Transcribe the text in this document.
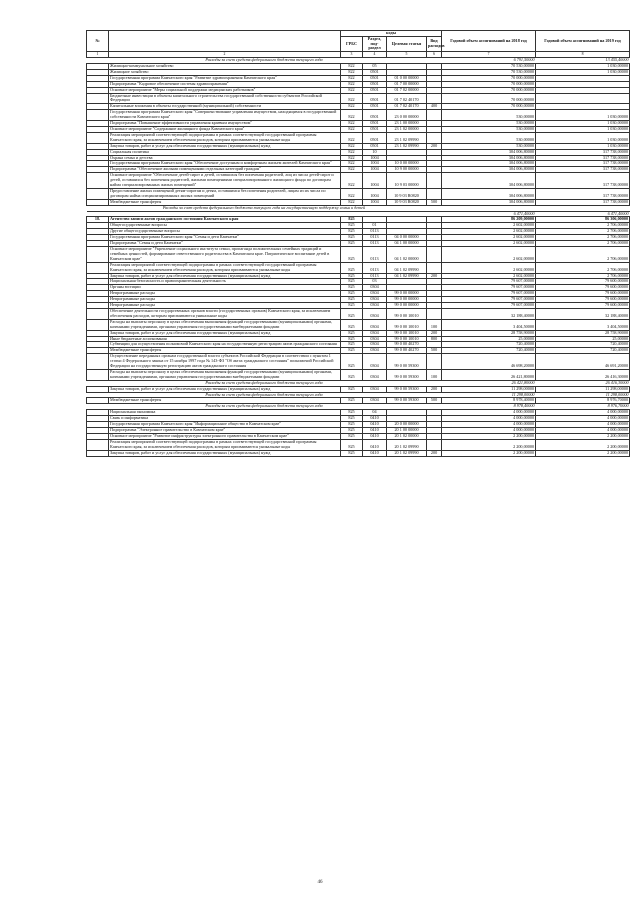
№		коды				Годовой объем ассигнований на 2018 год	Годовой объем ассигнований на 2019 год
		ГРБС	Раздел, под- раздел	Целевая статья	Вид расходов		
1	2	3	4	5	6	7	8
Расходы за счет средств федерального бюджета текущего года						6 791,50000	13 455,40000
	Жилищно-коммунальное хозяйство	822	05			70 530,00000	1 030,00000
	Жилищное хозяйство	822	0501			70 530,00000	1 030,00000
	Государственная программа Камчатского края "Развитие здравоохранения Камчатского края"	822	0501	01 0 00 00000		70 000,00000	
	Подпрограмма "Кадровое обеспечение системы здравоохранения"	822	0501	01 7 00 00000		70 000,00000	
	Основное мероприятие "Меры социальной поддержки медицинских работников"	822	0501	01 7 02 00000		70 000,00000	
	Бюджетные инвестиции в объекты капитального строительства государственной собственности субъектов Российской Федерации	822	0501	01 7 02 40170		70 000,00000	
	Капитальные вложения в объекты государственной (муниципальной) собственности	822	0501	01 7 02 40170	400	70 000,00000	
	Государственная программа Камчатского края "Совершенствование управления имуществом, находящимся в государственной собственности Камчатского края"	822	0501	23 0 00 00000		530,00000	1 030,00000
	Подпрограмма "Повышение эффективности управления краевым имуществом"	822	0501	23 1 00 00000		530,00000	1 030,00000
	Основное мероприятие "Содержание жилищного фонда Камчатского края"	822	0501	23 1 02 00000		530,00000	1 030,00000
	Реализация мероприятий соответствующей подпрограммы в рамках соответствующей государственной программы Камчатского края, за исключением обеспечения расходов, которым присваиваются уникальные коды	822	0501	23 1 02 09990		530,00000	1 030,00000
	Закупка товаров, работ и услуг для обеспечения государственных (муниципальных) нужд	822	0501	23 1 02 09990	200	530,00000	1 030,00000
	Социальная политика	822	10			304 006,80000	317 738,00000
	Охрана семьи и детства	822	1004			304 006,80000	317 738,00000
	Государственная программа Камчатского края "Обеспечение доступным и комфортным жильем жителей Камчатского края"	822	1004	10 0 00 00000		304 006,80000	317 738,00000
	Подпрограмма "Обеспечение жилыми помещениями отдельных категорий граждан"	822	1004	10 9 00 00000		304 006,80000	317 738,00000
	Основное мероприятие "Обеспечение детей-сирот и детей, оставшихся без попечения родителей, лиц из числа детей-сирот и детей, оставшихся без попечения родителей, жилыми помещениями специализированного жилищного фонда по договорам найма специализированных жилых помещений"	822	1004	10 9 03 00000		304 006,80000	317 738,00000
	Предоставление жилых помещений детям-сиротам и детям, оставшимся без попечения родителей, лицам из их числа по договорам найма специализированных жилых помещений	822	1004	10 9 03 R0820		304 006,80000	317 738,00000
	Межбюджетные трансферты	822	1004	10 9 03 R0820	500	304 006,80000	317 738,00000
Расходы за счет средств федерального бюджета текущего года на государственную поддержку семьи и детей							
						6 471,40000	6 471,40000
18.	Агентство записи актов гражданского состояния Камчатского края	825				86 209,00000	86 306,00000
	Общегосударственные вопросы	825	01			2 602,00000	2 706,00000
	Другие общегосударственные вопросы	825	0113			2 602,00000	2 706,00000
	Государственная программа Камчатского края "Семья и дети Камчатки"	825	0113	04 0 00 00000		2 602,00000	2 706,00000
	Подпрограмма "Семья и дети Камчатки"	825	0113	04 1 00 00000		2 602,00000	2 706,00000
	Основное мероприятие "Укрепление социального института семьи, пропаганда положительных семейных традиций и семейных ценностей, формирование ответственного родительства в Камчатском крае. Патриотическое воспитание детей в Камчатском крае"	825	0113	04 1 02 00000		2 602,00000	2 706,00000
	Реализация мероприятий соответствующей подпрограммы в рамках соответствующей государственной программы Камчатского края, за исключением обеспечения расходов, которым присваиваются уникальные коды	825	0113	04 1 02 09990		2 602,00000	2 706,00000
	Закупка товаров, работ и услуг для обеспечения государственных (муниципальных) нужд	825	0113	04 1 02 09990	200	2 602,00000	2 706,00000
	Национальная безопасность и правоохранительная деятельность	825	03			79 607,00000	79 600,00000
	Органы юстиции	825	0304			79 607,00000	79 600,00000
	Непрограммные расходы	825	0304	99 0 00 00000		79 607,00000	79 600,00000
	Непрограммные расходы	825	0304	99 0 00 00000		79 607,00000	79 600,00000
	Непрограммные расходы	825	0304	99 0 00 00000		79 607,00000	79 600,00000
	Обеспечение деятельности государственных органов власти (государственных органов) Камчатского края, за исключением обеспечения расходов, которым присваиваются уникальные коды	825	0304	99 0 00 10010		32 188,40000	32 188,40000
	Расходы на выплаты персоналу в целях обеспечения выполнения функций государственными (муниципальными) органами, казенными учреждениями, органами управления государственными внебюджетными фондами	825	0304	99 0 00 10010	100	3 404,50000	3 404,50000
	Закупка товаров, работ и услуг для обеспечения государственных (муниципальных) нужд	825	0304	99 0 00 10010	200	28 758,90000	28 758,90000
	Иные бюджетные ассигнования	825	0304	99 0 00 10010	800	25,00000	25,00000
	Субвенции для осуществления полномочий Камчатского края на государственную регистрацию актов гражданского состояния	825	0304	99 0 00 40270		720,40000	720,40000
	Межбюджетные трансферты	825	0304	99 0 00 40270	500	720,40000	720,40000
	Осуществление переданных органам государственной власти субъектов Российской Федерации в соответствии с пунктом 1 статьи 4 Федерального закона от 15 ноября 1997 года № 143-ФЗ "Об актах гражданского состояния" полномочий Российской Федерации на государственную регистрацию актов гражданского состояния	825	0304	99 0 00 59300		46 698,20000	46 691,20000
	Расходы на выплаты персоналу в целях обеспечения выполнения функций государственными (муниципальными) органами, казенными учреждениями, органами управления государственными внебюджетными фондами	825	0304	99 0 00 59300	100	26 421,80000	26 416,30000
Расходы за счет средств федерального бюджета текущего года						26 421,80000	26 416,30000
	Закупка товаров, работ и услуг для обеспечения государственных (муниципальных) нужд	825	0304	99 0 00 59300	200	11 298,00000	11 298,00000
Расходы за счет средств федерального бюджета текущего года						11 298,00000	11 298,00000
	Межбюджетные трансферты	825	0304	99 0 00 59300	500	8 978,40000	8 976,70000
Расходы за счет средств федерального бюджета текущего года						8 978,40000	8 976,70000
	Национальная экономика	825	04			4 000,00000	4 000,00000
	Связь и информатика	825	0410			4 000,00000	4 000,00000
	Государственная программа Камчатского края "Информационное общество в Камчатском крае"	825	0410	20 0 00 00000		4 000,00000	4 000,00000
	Подпрограмма "Электронное правительство в Камчатском крае"	825	0410	20 1 00 00000		4 000,00000	4 000,00000
	Основное мероприятие "Развитие инфраструктуры электронного правительства в Камчатском крае"	825	0410	20 1 02 00000		2 200,00000	2 200,00000
	Реализация мероприятий соответствующей подпрограммы в рамках соответствующей государственной программы Камчатского края, за исключением обеспечения расходов, которым присваиваются уникальные коды	825	0410	20 1 02 09990		2 200,00000	2 200,00000
	Закупка товаров, работ и услуг для обеспечения государственных (муниципальных) нужд	825	0410	20 1 02 09990	200	2 200,00000	2 200,00000
46
